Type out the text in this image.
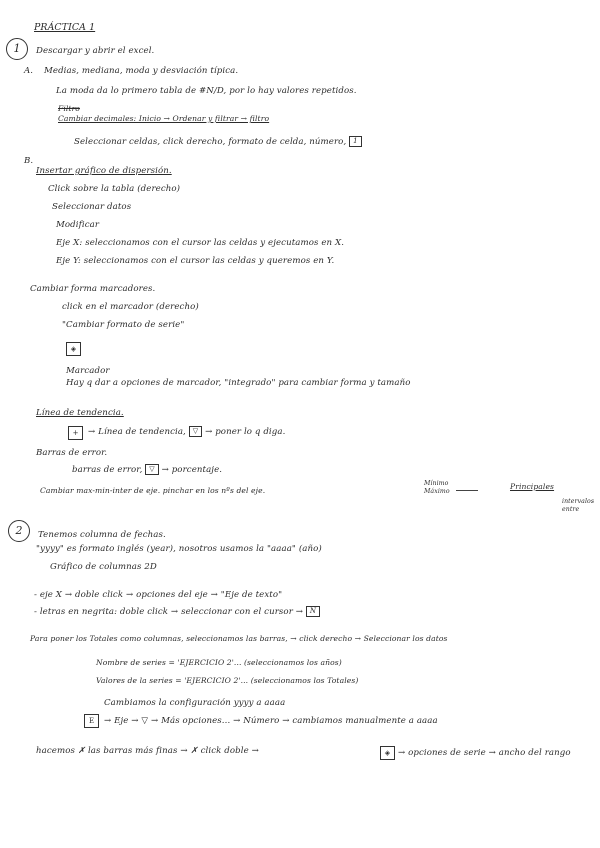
PRÁCTICA 1
1	Descargar y abrir el excel.
A. Medias, mediana, moda y desviación típica.
La moda da lo primero tabla de #N/D, por lo hay valores repetidos.
Filtro
Cambiar decimales: Inicio → Ordenar y filtrar → filtro
Seleccionar celdas, click derecho, formato de celda, número, 1
B.
Insertar gráfico de dispersión.
Click sobre la tabla (derecho)
Seleccionar datos
Modificar
Eje X: seleccionamos con el cursor las celdas y ejecutamos en X.
Eje Y: seleccionamos con el cursor las celdas y queremos en Y.
Cambiar forma marcadores.
click en el marcador (derecho)
"Cambiar formato de serie"
◈
Marcador
Hay q dar a opciones de marcador, "integrado" para cambiar forma y tamaño
Línea de tendencia.
+	→ Línea de tendencia, ▽ → poner lo q diga.
Barras de error.
barras de error, ▽ → porcentaje.
Cambiar max-min-inter de eje. pinchar en los nºs del eje.
Mínimo
Máximo
Principales
intervalos
entre
2	Tenemos columna de fechas.
"yyyy" es formato inglés (year), nosotros usamos la "aaaa" (año)
Gráfico de columnas 2D
- eje X → doble click → opciones del eje → "Eje de texto"
- letras en negrita: doble click → seleccionar con el cursor → N
Para poner los Totales como columnas, seleccionamos las barras, → click derecho → Seleccionar los datos
Nombre de series = 'EJERCICIO 2'... (seleccionamos los años)
Valores de la series = 'EJERCICIO 2'... (seleccionamos los Totales)
Cambiamos la configuración yyyy a aaaa
E	→ Eje → ▽ → Más opciones... → Número → cambiamos manualmente a aaaa
hacemos ✗ las barras más finas → ✗ click doble →	◈ → opciones de serie → ancho del rango
